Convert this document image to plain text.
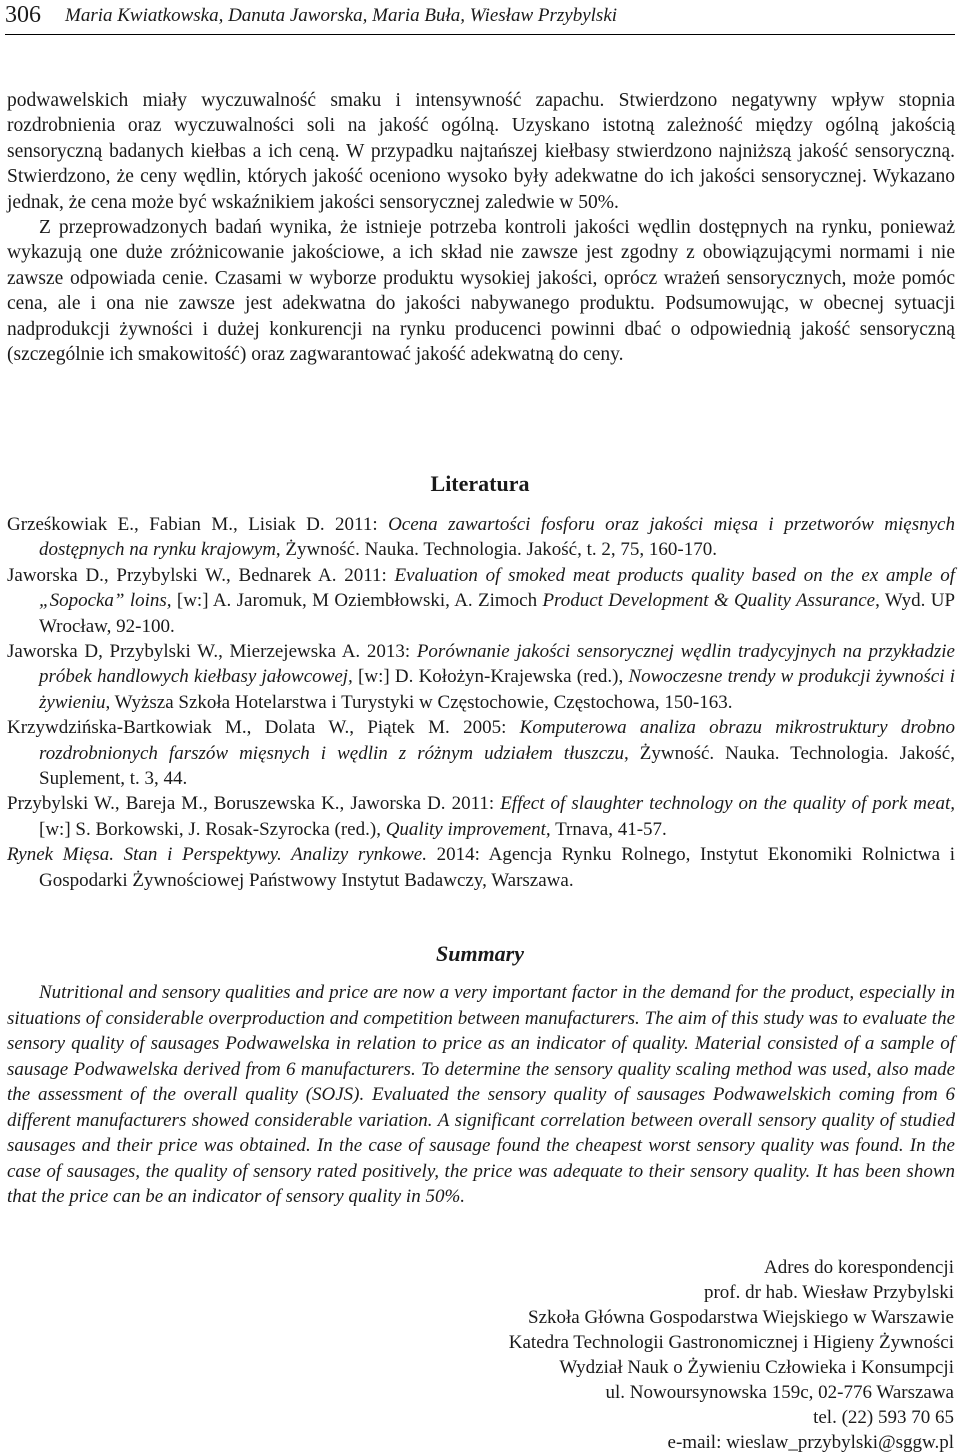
306 Maria Kwiatkowska, Danuta Jaworska, Maria Buła, Wiesław Przybylski

podwawelskich miały wyczuwalność smaku i intensywność zapachu. Stwierdzono negatywny wpływ stopnia rozdrobnienia oraz wyczuwalności soli na jakość ogólną. Uzyskano istotną zależność między ogólną jakością sensoryczną badanych kiełbas a ich ceną. W przypadku najtańszej kiełbasy stwierdzono najniższą jakość sensoryczną. Stwierdzono, że ceny wędlin, których jakość oceniono wysoko były adekwatne do ich jakości sensorycznej. Wykazano jednak, że cena może być wskaźnikiem jakości sensorycznej zaledwie w 50%.

Z przeprowadzonych badań wynika, że istnieje potrzeba kontroli jakości wędlin dostępnych na rynku, ponieważ wykazują one duże zróżnicowanie jakościowe, a ich skład nie zawsze jest zgodny z obowiązującymi normami i nie zawsze odpowiada cenie. Czasami w wyborze produktu wysokiej jakości, oprócz wrażeń sensorycznych, może pomóc cena, ale i ona nie zawsze jest adekwatna do jakości nabywanego produktu. Podsumowując, w obecnej sytuacji nadprodukcji żywności i dużej konkurencji na rynku producenci powinni dbać o odpowiednią jakość sensoryczną (szczególnie ich smakowitość) oraz zagwarantować jakość adekwatną do ceny.

Literatura

Grześkowiak E., Fabian M., Lisiak D. 2011: Ocena zawartości fosforu oraz jakości mięsa i przetworów mięsnych dostępnych na rynku krajowym, Żywność. Nauka. Technologia. Jakość, t. 2, 75, 160-170.

Jaworska D., Przybylski W., Bednarek A. 2011: Evaluation of smoked meat products quality based on the ex ample of „Sopocka” loins, [w:] A. Jaromuk, M Oziembłowski, A. Zimoch Product Development & Quality Assurance, Wyd. UP Wrocław, 92-100.

Jaworska D, Przybylski W., Mierzejewska A. 2013: Porównanie jakości sensorycznej wędlin tradycyjnych na przykładzie próbek handlowych kiełbasy jałowcowej, [w:] D. Kołożyn-Krajewska (red.), Nowoczesne trendy w produkcji żywności i żywieniu, Wyższa Szkoła Hotelarstwa i Turystyki w Częstochowie, Częstochowa, 150-163.

Krzywdzińska-Bartkowiak M., Dolata W., Piątek M. 2005: Komputerowa analiza obrazu mikrostruktury drobno rozdrobnionych farszów mięsnych i wędlin z różnym udziałem tłuszczu, Żywność. Nauka. Technologia. Jakość, Suplement, t. 3, 44.

Przybylski W., Bareja M., Boruszewska K., Jaworska D. 2011: Effect of slaughter technology on the quality of pork meat, [w:] S. Borkowski, J. Rosak-Szyrocka (red.), Quality improvement, Trnava, 41-57.

Rynek Mięsa. Stan i Perspektywy. Analizy rynkowe. 2014: Agencja Rynku Rolnego, Instytut Ekonomiki Rolnictwa i Gospodarki Żywnościowej Państwowy Instytut Badawczy, Warszawa.

Summary
Nutritional and sensory qualities and price are now a very important factor in the demand for the product, especially in situations of considerable overproduction and competition between manufacturers. The aim of this study was to evaluate the sensory quality of sausages Podwawelska in relation to price as an indicator of quality. Material consisted of a sample of sausage Podwawelska derived from 6 manufacturers. To determine the sensory quality scaling method was used, also made the assessment of the overall quality (SOJS). Evaluated the sensory quality of sausages Podwawelskich coming from 6 different manufacturers showed considerable variation. A significant correlation between overall sensory quality of studied sausages and their price was obtained. In the case of sausage found the cheapest worst sensory quality was found. In the case of sausages, the quality of sensory rated positively, the price was adequate to their sensory quality. It has been shown that the price can be an indicator of sensory quality in 50%.
Adres do korespondencji
prof. dr hab. Wiesław Przybylski
Szkoła Główna Gospodarstwa Wiejskiego w Warszawie
Katedra Technologii Gastronomicznej i Higieny Żywności
Wydział Nauk o Żywieniu Człowieka i Konsumpcji
ul. Nowoursynowska 159c, 02-776 Warszawa
tel. (22) 593 70 65
e-mail: wieslaw_przybylski@sggw.pl
